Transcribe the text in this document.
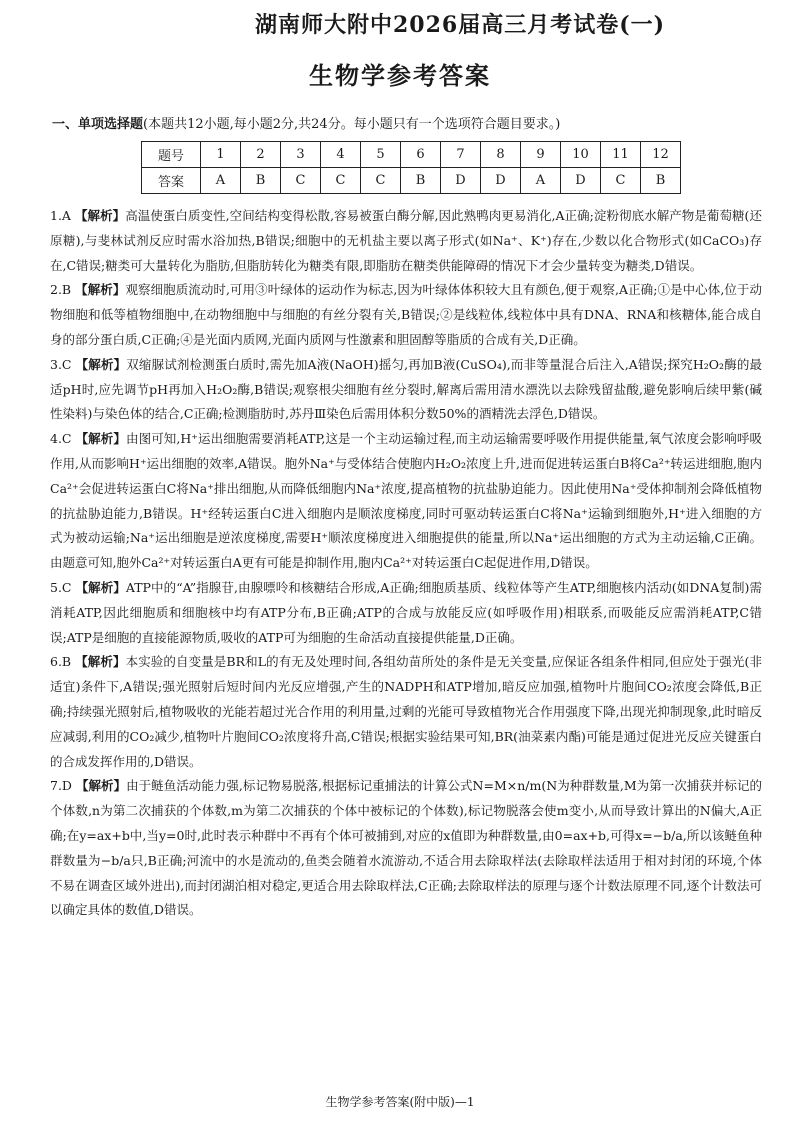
湖南师大附中2026届高三月考试卷(一)
生物学参考答案
一、单项选择题(本题共12小题,每小题2分,共24分。每小题只有一个选项符合题目要求。)
题号	1	2	3	4	5	6	7	8	9	10	11	12
答案	A	B	C	C	C	B	D	D	A	D	C	B
1.A 【解析】高温使蛋白质变性,空间结构变得松散,容易被蛋白酶分解,因此熟鸭肉更易消化,A正确;淀粉彻底水解产物是葡萄糖(还原糖),与斐林试剂反应时需水浴加热,B错误;细胞中的无机盐主要以离子形式(如Na⁺、K⁺)存在,少数以化合物形式(如CaCO₃)存在,C错误;糖类可大量转化为脂肪,但脂肪转化为糖类有限,即脂肪在糖类供能障碍的情况下才会少量转变为糖类,D错误。
2.B 【解析】观察细胞质流动时,可用③叶绿体的运动作为标志,因为叶绿体体积较大且有颜色,便于观察,A正确;①是中心体,位于动物细胞和低等植物细胞中,在动物细胞中与细胞的有丝分裂有关,B错误;②是线粒体,线粒体中具有DNA、RNA和核糖体,能合成自身的部分蛋白质,C正确;④是光面内质网,光面内质网与性激素和胆固醇等脂质的合成有关,D正确。
3.C 【解析】双缩脲试剂检测蛋白质时,需先加A液(NaOH)摇匀,再加B液(CuSO₄),而非等量混合后注入,A错误;探究H₂O₂酶的最适pH时,应先调节pH再加入H₂O₂酶,B错误;观察根尖细胞有丝分裂时,解离后需用清水漂洗以去除残留盐酸,避免影响后续甲紫(碱性染料)与染色体的结合,C正确;检测脂肪时,苏丹Ⅲ染色后需用体积分数50%的酒精洗去浮色,D错误。
4.C 【解析】由图可知,H⁺运出细胞需要消耗ATP,这是一个主动运输过程,而主动运输需要呼吸作用提供能量,氧气浓度会影响呼吸作用,从而影响H⁺运出细胞的效率,A错误。胞外Na⁺与受体结合使胞内H₂O₂浓度上升,进而促进转运蛋白B将Ca²⁺转运进细胞,胞内Ca²⁺会促进转运蛋白C将Na⁺排出细胞,从而降低细胞内Na⁺浓度,提高植物的抗盐胁迫能力。因此使用Na⁺受体抑制剂会降低植物的抗盐胁迫能力,B错误。H⁺经转运蛋白C进入细胞内是顺浓度梯度,同时可驱动转运蛋白C将Na⁺运输到细胞外,H⁺进入细胞的方式为被动运输;Na⁺运出细胞是逆浓度梯度,需要H⁺顺浓度梯度进入细胞提供的能量,所以Na⁺运出细胞的方式为主动运输,C正确。由题意可知,胞外Ca²⁺对转运蛋白A更有可能是抑制作用,胞内Ca²⁺对转运蛋白C起促进作用,D错误。
5.C 【解析】ATP中的“A”指腺苷,由腺嘌呤和核糖结合形成,A正确;细胞质基质、线粒体等产生ATP,细胞核内活动(如DNA复制)需消耗ATP,因此细胞质和细胞核中均有ATP分布,B正确;ATP的合成与放能反应(如呼吸作用)相联系,而吸能反应需消耗ATP,C错误;ATP是细胞的直接能源物质,吸收的ATP可为细胞的生命活动直接提供能量,D正确。
6.B 【解析】本实验的自变量是BR和L的有无及处理时间,各组幼苗所处的条件是无关变量,应保证各组条件相同,但应处于强光(非适宜)条件下,A错误;强光照射后短时间内光反应增强,产生的NADPH和ATP增加,暗反应加强,植物叶片胞间CO₂浓度会降低,B正确;持续强光照射后,植物吸收的光能若超过光合作用的利用量,过剩的光能可导致植物光合作用强度下降,出现光抑制现象,此时暗反应减弱,利用的CO₂减少,植物叶片胞间CO₂浓度将升高,C错误;根据实验结果可知,BR(油菜素内酯)可能是通过促进光反应关键蛋白的合成发挥作用的,D错误。
7.D 【解析】由于鲢鱼活动能力强,标记物易脱落,根据标记重捕法的计算公式N=M×n/m(N为种群数量,M为第一次捕获并标记的个体数,n为第二次捕获的个体数,m为第二次捕获的个体中被标记的个体数),标记物脱落会使m变小,从而导致计算出的N偏大,A正确;在y=ax+b中,当y=0时,此时表示种群中不再有个体可被捕到,对应的x值即为种群数量,由0=ax+b,可得x=−b/a,所以该鲢鱼种群数量为−b/a只,B正确;河流中的水是流动的,鱼类会随着水流游动,不适合用去除取样法(去除取样法适用于相对封闭的环境,个体不易在调查区域外进出),而封闭湖泊相对稳定,更适合用去除取样法,C正确;去除取样法的原理与逐个计数法原理不同,逐个计数法可以确定具体的数值,D错误。
生物学参考答案(附中版)—1
